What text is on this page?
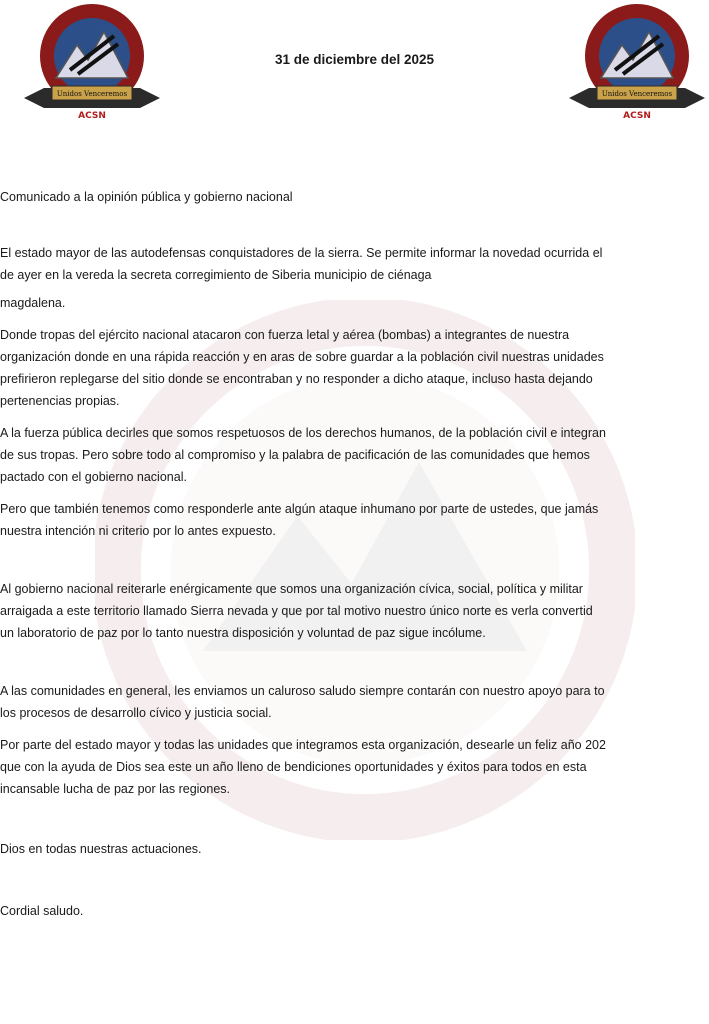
Unidos Venceremos
ACSN
Unidos Venceremos
ACSN
31 de diciembre del 2025

Comunicado a la opinión pública y gobierno nacional

El estado mayor de las autodefensas conquistadores de la sierra. Se permite informar la novedad ocurrida el
de ayer en la vereda la secreta corregimiento de Siberia municipio de ciénaga

magdalena.

Donde tropas del ejército nacional atacaron con fuerza letal y aérea (bombas) a integrantes de nuestra
organización donde en una rápida reacción y en aras de sobre guardar a la población civil nuestras unidades
prefirieron replegarse del sitio donde se encontraban y no responder a dicho ataque, incluso hasta dejando
pertenencias propias.

A la fuerza pública decirles que somos respetuosos de los derechos humanos, de la población civil e integran
de sus tropas. Pero sobre todo al compromiso y la palabra de pacificación de las comunidades que hemos
pactado con el gobierno nacional.

Pero que también tenemos como responderle ante algún ataque inhumano por parte de ustedes, que jamás
nuestra intención ni criterio por lo antes expuesto.

Al gobierno nacional reiterarle enérgicamente que somos una organización cívica, social, política y militar
arraigada a este territorio llamado Sierra nevada y que por tal motivo nuestro único norte es verla convertid
un laboratorio de paz por lo tanto nuestra disposición y voluntad de paz sigue incólume.

A las comunidades en general, les enviamos un caluroso saludo siempre contarán con nuestro apoyo para to
los procesos de desarrollo cívico y justicia social.

Por parte del estado mayor y todas las unidades que integramos esta organización, desearle un feliz año 202
que con la ayuda de Dios sea este un año lleno de bendiciones oportunidades y éxitos para todos en esta
incansable lucha de paz por las regiones.

Dios en todas nuestras actuaciones.

Cordial saludo.
